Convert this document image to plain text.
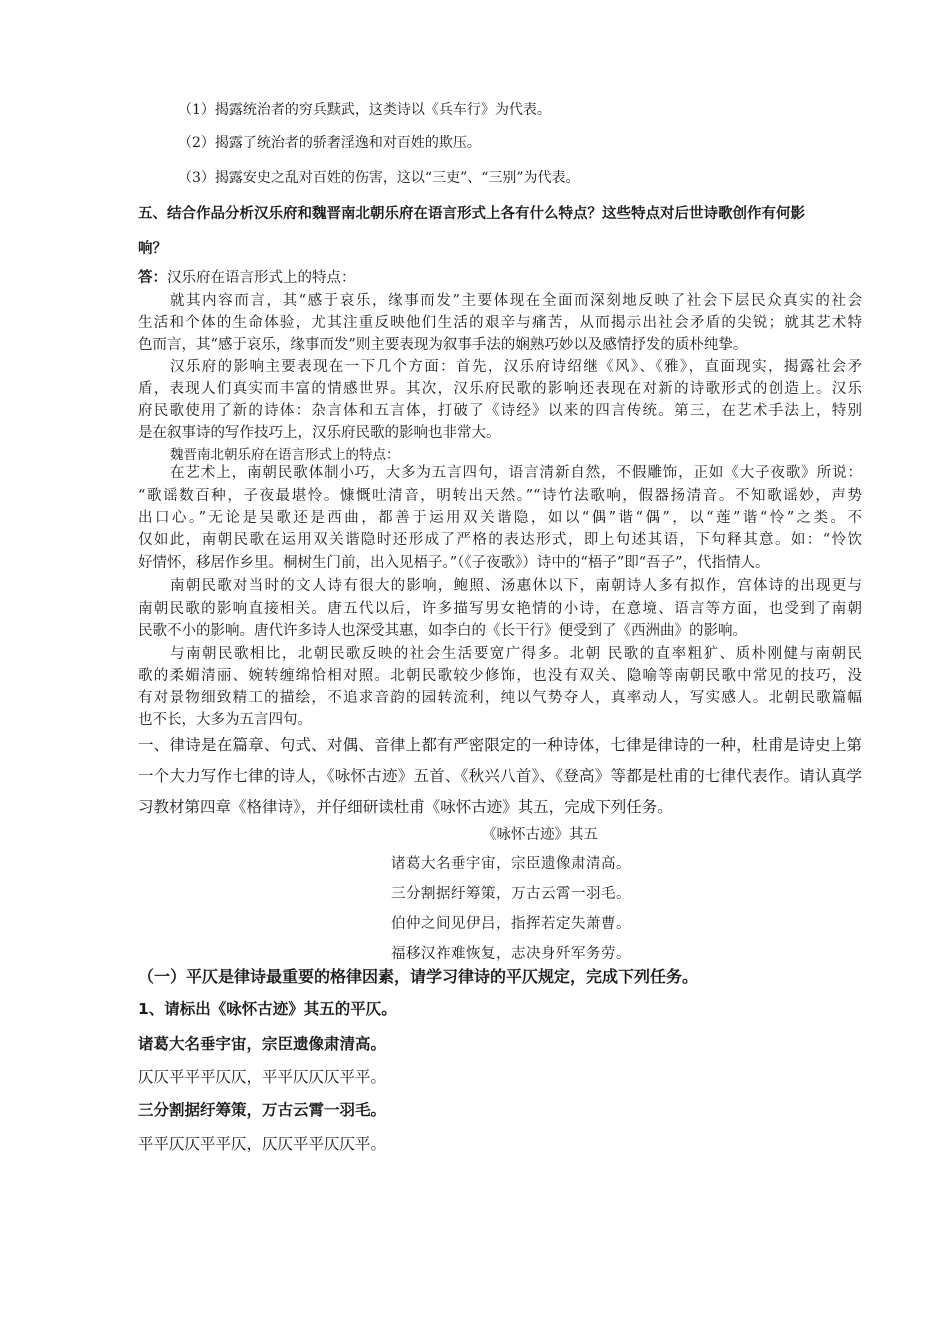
（1）揭露统治者的穷兵黩武，这类诗以《兵车行》为代表。
（2）揭露了统治者的骄奢淫逸和对百姓的欺压。
（3）揭露安史之乱对百姓的伤害，这以“三吏”、“三别”为代表。
五、结合作品分析汉乐府和魏晋南北朝乐府在语言形式上各有什么特点？这些特点对后世诗歌创作有何影
响？
答：汉乐府在语言形式上的特点：
就其内容而言，其“感于哀乐，缘事而发”主要体现在全面而深刻地反映了社会下层民众真实的社会
生活和个体的生命体验，尤其注重反映他们生活的艰辛与痛苦，从而揭示出社会矛盾的尖锐；就其艺术特
色而言，其“感于哀乐，缘事而发”则主要表现为叙事手法的娴熟巧妙以及感情抒发的质朴纯挚。
汉乐府的影响主要表现在一下几个方面：首先，汉乐府诗绍继《风》、《雅》，直面现实，揭露社会矛
盾，表现人们真实而丰富的情感世界。其次，汉乐府民歌的影响还表现在对新的诗歌形式的创造上。汉乐
府民歌使用了新的诗体：杂言体和五言体，打破了《诗经》以来的四言传统。第三，在艺术手法上，特别
是在叙事诗的写作技巧上，汉乐府民歌的影响也非常大。
魏晋南北朝乐府在语言形式上的特点：
在艺术上，南朝民歌体制小巧，大多为五言四句，语言清新自然，不假雕饰，正如《大子夜歌》所说：
“歌谣数百种，子夜最堪怜。慷慨吐清音，明转出天然。”“诗竹法歌响，假器扬清音。不知歌谣妙，声势
出口心。”无论是吴歌还是西曲，都善于运用双关谐隐，如以“偶”谐“偶”，以“莲”谐“怜”之类。不
仅如此，南朝民歌在运用双关谐隐时还形成了严格的表达形式，即上句述其语，下句释其意。如：“怜饮
好情怀，移居作乡里。桐树生门前，出入见梧子。”（《子夜歌》）诗中的“梧子”即“吾子”，代指情人。
南朝民歌对当时的文人诗有很大的影响，鲍照、汤惠休以下，南朝诗人多有拟作，宫体诗的出现更与
南朝民歌的影响直接相关。唐五代以后，许多描写男女艳情的小诗，在意境、语言等方面，也受到了南朝
民歌不小的影响。唐代许多诗人也深受其惠，如李白的《长干行》便受到了《西洲曲》的影响。
与南朝民歌相比，北朝民歌反映的社会生活要宽广得多。北朝 民歌的直率粗犷、质朴刚健与南朝民
歌的柔媚清丽、婉转缠绵恰相对照。北朝民歌较少修饰，也没有双关、隐喻等南朝民歌中常见的技巧，没
有对景物细致精工的描绘，不追求音韵的园转流利，纯以气势夺人，真率动人，写实感人。北朝民歌篇幅
也不长，大多为五言四句。
一、律诗是在篇章、句式、对偶、音律上都有严密限定的一种诗体，七律是律诗的一种，杜甫是诗史上第
一个大力写作七律的诗人，《咏怀古迹》五首、《秋兴八首》、《登高》等都是杜甫的七律代表作。请认真学
习教材第四章《格律诗》，并仔细研读杜甫《咏怀古迹》其五，完成下列任务。
《咏怀古迹》其五
诸葛大名垂宇宙，宗臣遗像肃清高。
三分割据纡筹策，万古云霄一羽毛。
伯仲之间见伊吕，指挥若定失萧曹。
福移汉祚难恢复，志决身歼军务劳。
（一）平仄是律诗最重要的格律因素，请学习律诗的平仄规定，完成下列任务。
1、请标出《咏怀古迹》其五的平仄。
诸葛大名垂宇宙，宗臣遗像肃清高。
仄仄平平平仄仄，平平仄仄仄平平。
三分割据纡筹策，万古云霄一羽毛。
平平仄仄平平仄，仄仄平平仄仄平。
